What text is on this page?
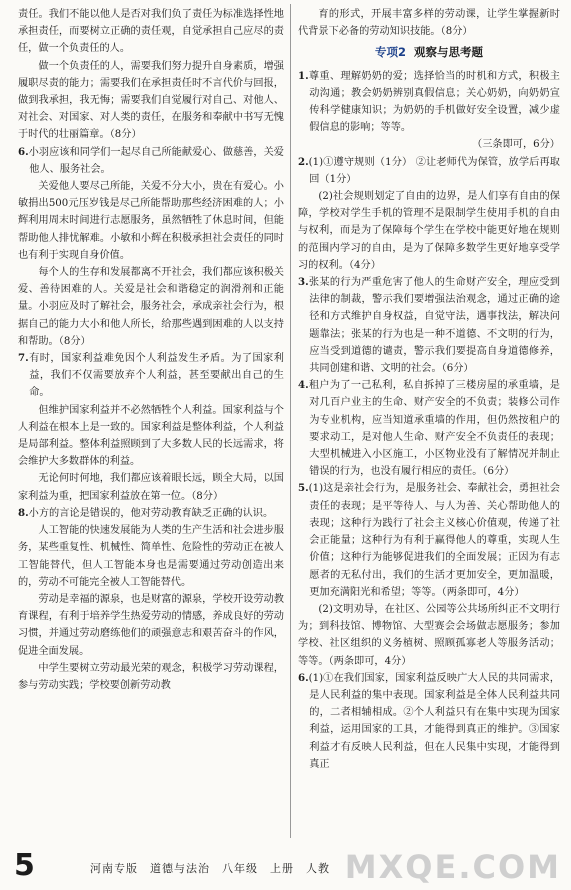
责任。我们不能以他人是否对我们负了责任为标准选择性地承担责任，而要树立正确的责任观，自觉承担自己应尽的责任，做一个负责任的人。

做一个负责任的人，需要我们努力提升自身素质，增强履职尽责的能力；需要我们在承担责任时不言代价与回报，做到我承担，我无悔；需要我们自觉履行对自己、对他人、对社会、对国家、对人类的责任，在服务和奉献中书写无愧于时代的壮丽篇章。（8分）

6.小羽应该和同学们一起尽自己所能献爱心、做慈善，关爱他人、服务社会。

关爱他人要尽己所能，关爱不分大小，贵在有爱心。小敏捐出500元压岁钱是尽己所能帮助那些经济困难的人；小辉利用周末时间进行志愿服务，虽然牺牲了休息时间，但能帮助他人排忧解难。小敏和小辉在积极承担社会责任的同时也有利于实现自身价值。

每个人的生存和发展都离不开社会，我们都应该积极关爱、善待困难的人。关爱是社会和谐稳定的润滑剂和正能量。小羽应及时了解社会，服务社会，承成亲社会行为，根据自己的能力大小和他人所长，给那些遇到困难的人以支持和帮助。（8分）

7.有时，国家利益难免因个人利益发生矛盾。为了国家利益，我们不仅需要放弃个人利益，甚至要献出自己的生命。

但维护国家利益并不必然牺牲个人利益。国家利益与个人利益在根本上是一致的。国家利益是整体利益，个人利益是局部利益。整体利益照顾到了大多数人民的长远需求，将会维护大多数群体的利益。

无论何时何地，我们都应该着眼长远，顾全大局，以国家利益为重，把国家利益放在第一位。（8分）

8.小方的言论是错误的，他对劳动教育缺乏正确的认识。

人工智能的快速发展能为人类的生产生活和社会进步服务，某些重复性、机械性、简单性、危险性的劳动正在被人工智能替代，但人工智能本身也是需要通过劳动创造出来的，劳动不可能完全被人工智能替代。

劳动是幸福的源泉，也是财富的源泉，学校开设劳动教育课程，有利于培养学生热爱劳动的情感，养成良好的劳动习惯，并通过劳动磨练他们的顽强意志和艰苦奋斗的作风，促进全面发展。

中学生要树立劳动最光荣的观念，积极学习劳动课程，参与劳动实践；学校要创新劳动教

育的形式，开展丰富多样的劳动课，让学生掌握新时代背景下必备的劳动知识技能。（8分）

专项2 观察与思考题

1.尊重、理解奶奶的爱；选择恰当的时机和方式，积极主动沟通；教会奶奶辨别真假信息；关心奶奶，向奶奶宣传科学健康知识；为奶奶的手机做好安全设置，减少虚假信息的影响；等等。

（三条即可，6分）

2.(1)①遵守规则（1分） ②让老师代为保管，放学后再取回（1分）

(2)社会规则划定了自由的边界，是人们享有自由的保障，学校对学生手机的管理不是限制学生使用手机的自由与权利，而是为了保障每个学生在学校中能更好地在规则的范围内学习的自由，是为了保障多数学生更好地享受学习的权利。（4分）

3.张某的行为严重危害了他人的生命财产安全，理应受到法律的制裁，警示我们要增强法治观念，通过正确的途径和方式维护自身权益，自觉守法，遇事找法，解决问题靠法；张某的行为也是一种不道德、不文明的行为，应当受到道德的谴责，警示我们要提高自身道德修养，共同创建和谐、文明的社会。（6分）

4.租户为了一己私利，私自拆掉了三楼房屋的承重墙，是对几百户业主的生命、财产安全的不负责；装修公司作为专业机构，应当知道承重墙的作用，但仍然按租户的要求动工，是对他人生命、财产安全不负责任的表现；大型机械进入小区施工，小区物业没有了解情况并制止错误的行为，也没有履行相应的责任。（6分）

5.(1)这是亲社会行为，是服务社会、奉献社会，勇担社会责任的表现；是平等待人、与人为善、关心帮助他人的表现；这种行为践行了社会主义核心价值观，传递了社会正能量；这种行为有利于赢得他人的尊重，实现人生价值；这种行为能够促进我们的全面发展；正因为有志愿者的无私付出，我们的生活才更加安全，更加温暖，更加充满阳光和希望；等等。（两条即可，4分）

(2)文明劝导，在社区、公园等公共场所纠正不文明行为；到科技馆、博物馆、大型赛会会场做志愿服务；参加学校、社区组织的义务植树、照顾孤寡老人等服务活动；等等。（两条即可，4分）

6.(1)①在我们国家，国家利益反映广大人民的共同需求，是人民利益的集中表现。国家利益是全体人民利益共同的，二者相辅相成。②个人利益只有在集中实现为国家利益，运用国家的工具，才能得到真正的维护。③国家利益才有反映人民利益，但在人民集中实现，才能得到真正

5	河南专版　道德与法治　八年级　上册　人教 MXQE.COM
